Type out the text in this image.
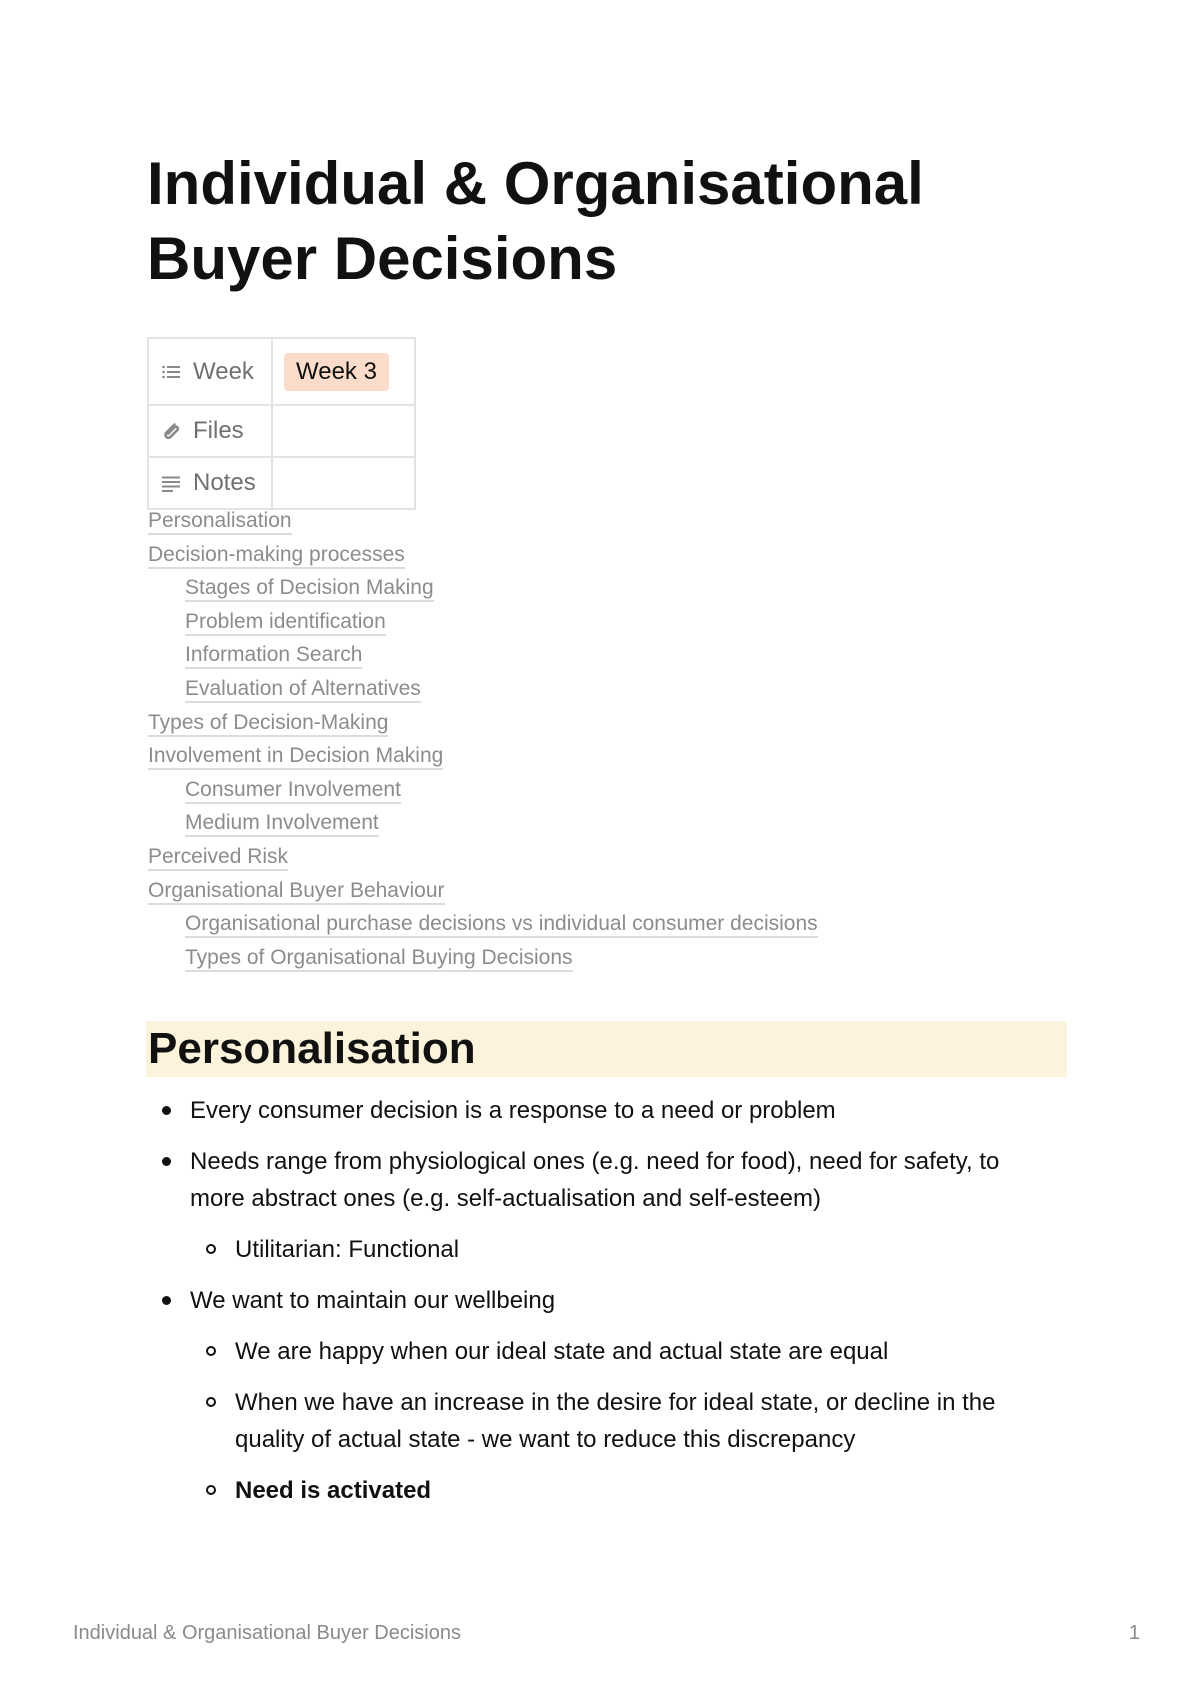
Individual & Organisational Buyer Decisions
Week	Week 3

Files	

Notes	

Personalisation
Decision-making processes
Stages of Decision Making
Problem identification
Information Search
Evaluation of Alternatives
Types of Decision-Making
Involvement in Decision Making
Consumer Involvement
Medium Involvement
Perceived Risk
Organisational Buyer Behaviour
Organisational purchase decisions vs individual consumer decisions
Types of Organisational Buying Decisions
Personalisation
Every consumer decision is a response to a need or problem
Needs range from physiological ones (e.g. need for food), need for safety, to more abstract ones (e.g. self-actualisation and self-esteem)
Utilitarian: Functional
We want to maintain our wellbeing
We are happy when our ideal state and actual state are equal
When we have an increase in the desire for ideal state, or decline in the quality of actual state - we want to reduce this discrepancy
Need is activated
Individual & Organisational Buyer Decisions	1
